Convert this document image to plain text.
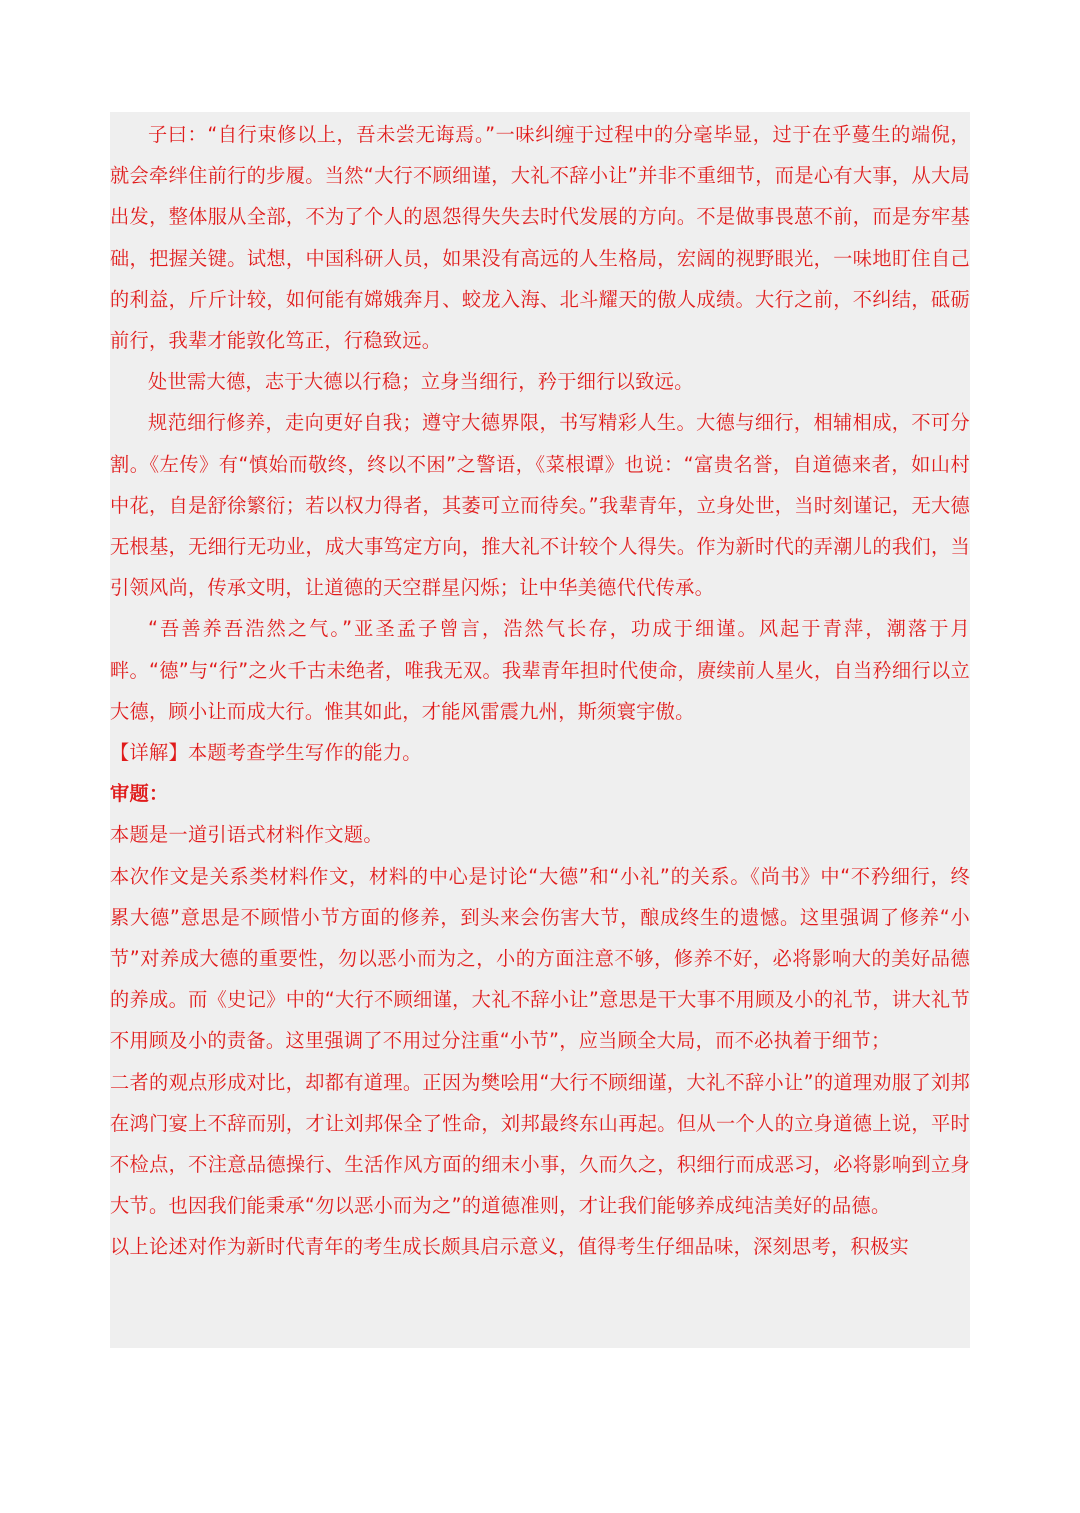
子曰：“自行束修以上，吾未尝无诲焉。”一味纠缠于过程中的分毫毕显，过于在乎蔓生的端倪，就会牵绊住前行的步履。当然“大行不顾细谨，大礼不辞小让”并非不重细节，而是心有大事，从大局出发，整体服从全部，不为了个人的恩怨得失失去时代发展的方向。不是做事畏葸不前，而是夯牢基础，把握关键。试想，中国科研人员，如果没有高远的人生格局，宏阔的视野眼光，一味地盯住自己的利益，斤斤计较，如何能有嫦娥奔月、蛟龙入海、北斗耀天的傲人成绩。大行之前，不纠结，砥砺前行，我辈才能敦化笃正，行稳致远。

处世需大德，志于大德以行稳；立身当细行，矜于细行以致远。

规范细行修养，走向更好自我；遵守大德界限，书写精彩人生。大德与细行，相辅相成，不可分割。《左传》有“慎始而敬终，终以不困”之警语，《菜根谭》也说：“富贵名誉，自道德来者，如山村中花，自是舒徐繁衍；若以权力得者，其萎可立而待矣。”我辈青年，立身处世，当时刻谨记，无大德无根基，无细行无功业，成大事笃定方向，推大礼不计较个人得失。作为新时代的弄潮儿的我们，当引领风尚，传承文明，让道德的天空群星闪烁；让中华美德代代传承。

“吾善养吾浩然之气。”亚圣孟子曾言，浩然气长存，功成于细谨。风起于青萍，潮落于月畔。“德”与“行”之火千古未绝者，唯我无双。我辈青年担时代使命，赓续前人星火，自当矜细行以立大德，顾小让而成大行。惟其如此，才能风雷震九州，斯须寰宇傲。

【详解】本题考查学生写作的能力。

审题：

本题是一道引语式材料作文题。

本次作文是关系类材料作文，材料的中心是讨论“大德”和“小礼”的关系。《尚书》中“不矜细行，终累大德”意思是不顾惜小节方面的修养，到头来会伤害大节，酿成终生的遗憾。这里强调了修养“小节”对养成大德的重要性，勿以恶小而为之，小的方面注意不够，修养不好，必将影响大的美好品德的养成。而《史记》中的“大行不顾细谨，大礼不辞小让”意思是干大事不用顾及小的礼节，讲大礼节不用顾及小的责备。这里强调了不用过分注重“小节”，应当顾全大局，而不必执着于细节；

二者的观点形成对比，却都有道理。正因为樊哙用“大行不顾细谨，大礼不辞小让”的道理劝服了刘邦在鸿门宴上不辞而别，才让刘邦保全了性命，刘邦最终东山再起。但从一个人的立身道德上说，平时不检点，不注意品德操行、生活作风方面的细末小事，久而久之，积细行而成恶习，必将影响到立身大节。也因我们能秉承“勿以恶小而为之”的道德准则，才让我们能够养成纯洁美好的品德。

以上论述对作为新时代青年的考生成长颇具启示意义，值得考生仔细品味，深刻思考，积极实
